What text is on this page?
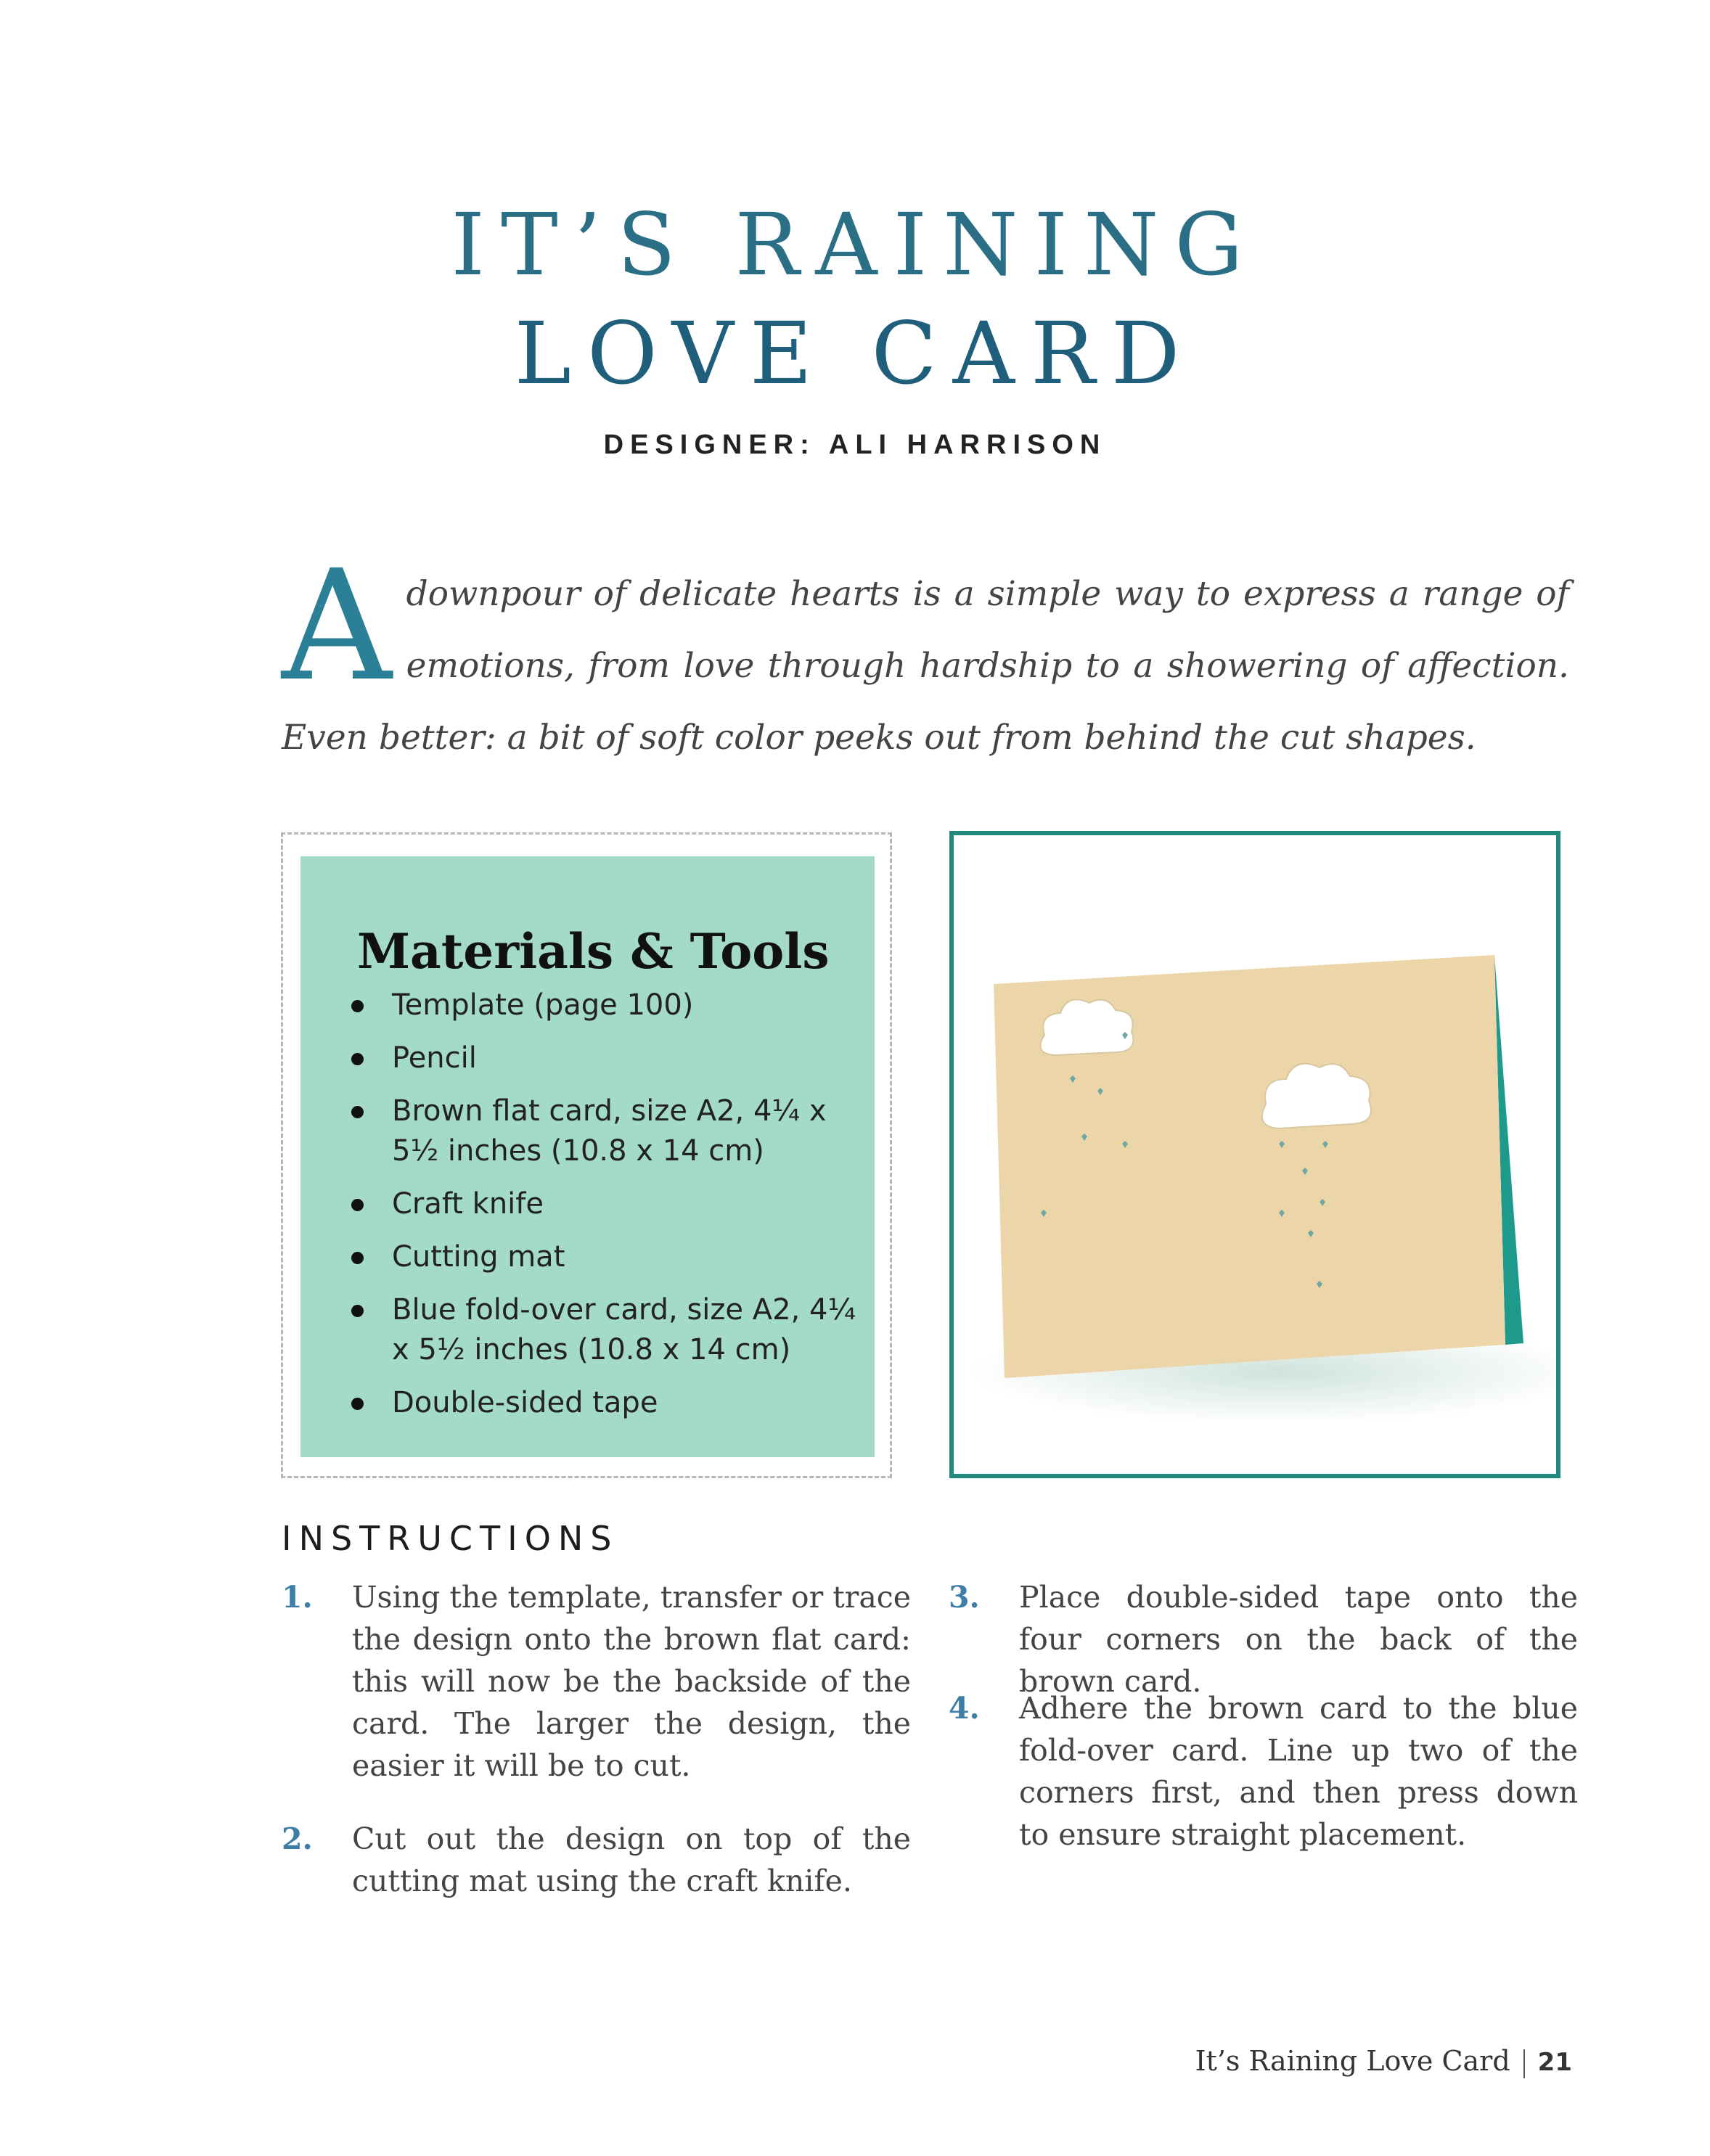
IT’S RAINING
LOVE CARD
DESIGNER: ALI HARRISON

Adownpour of delicate hearts is a simple way to express a range of emotions, from love through hardship to a showering of affection. Even better: a bit of soft color peeks out from behind the cut shapes.

Materials & Tools
Template (page 100)
Pencil
Brown flat card, size A2, 4¼ x 5½ inches (10.8 x 14 cm)
Craft knife
Cutting mat
Blue fold-over card, size A2, 4¼ x 5½ inches (10.8 x 14 cm)
Double-sided tape
INSTRUCTIONS
1. Using the template, transfer or trace the design onto the brown flat card: this will now be the backside of the card. The larger the design, the easier it will be to cut.
2. Cut out the design on top of the cutting mat using the craft knife.
3. Place double-sided tape onto the four corners on the back of the brown card.
4. Adhere the brown card to the blue fold-over card. Line up two of the corners first, and then press down to ensure straight placement.
It’s Raining Love Card 21
